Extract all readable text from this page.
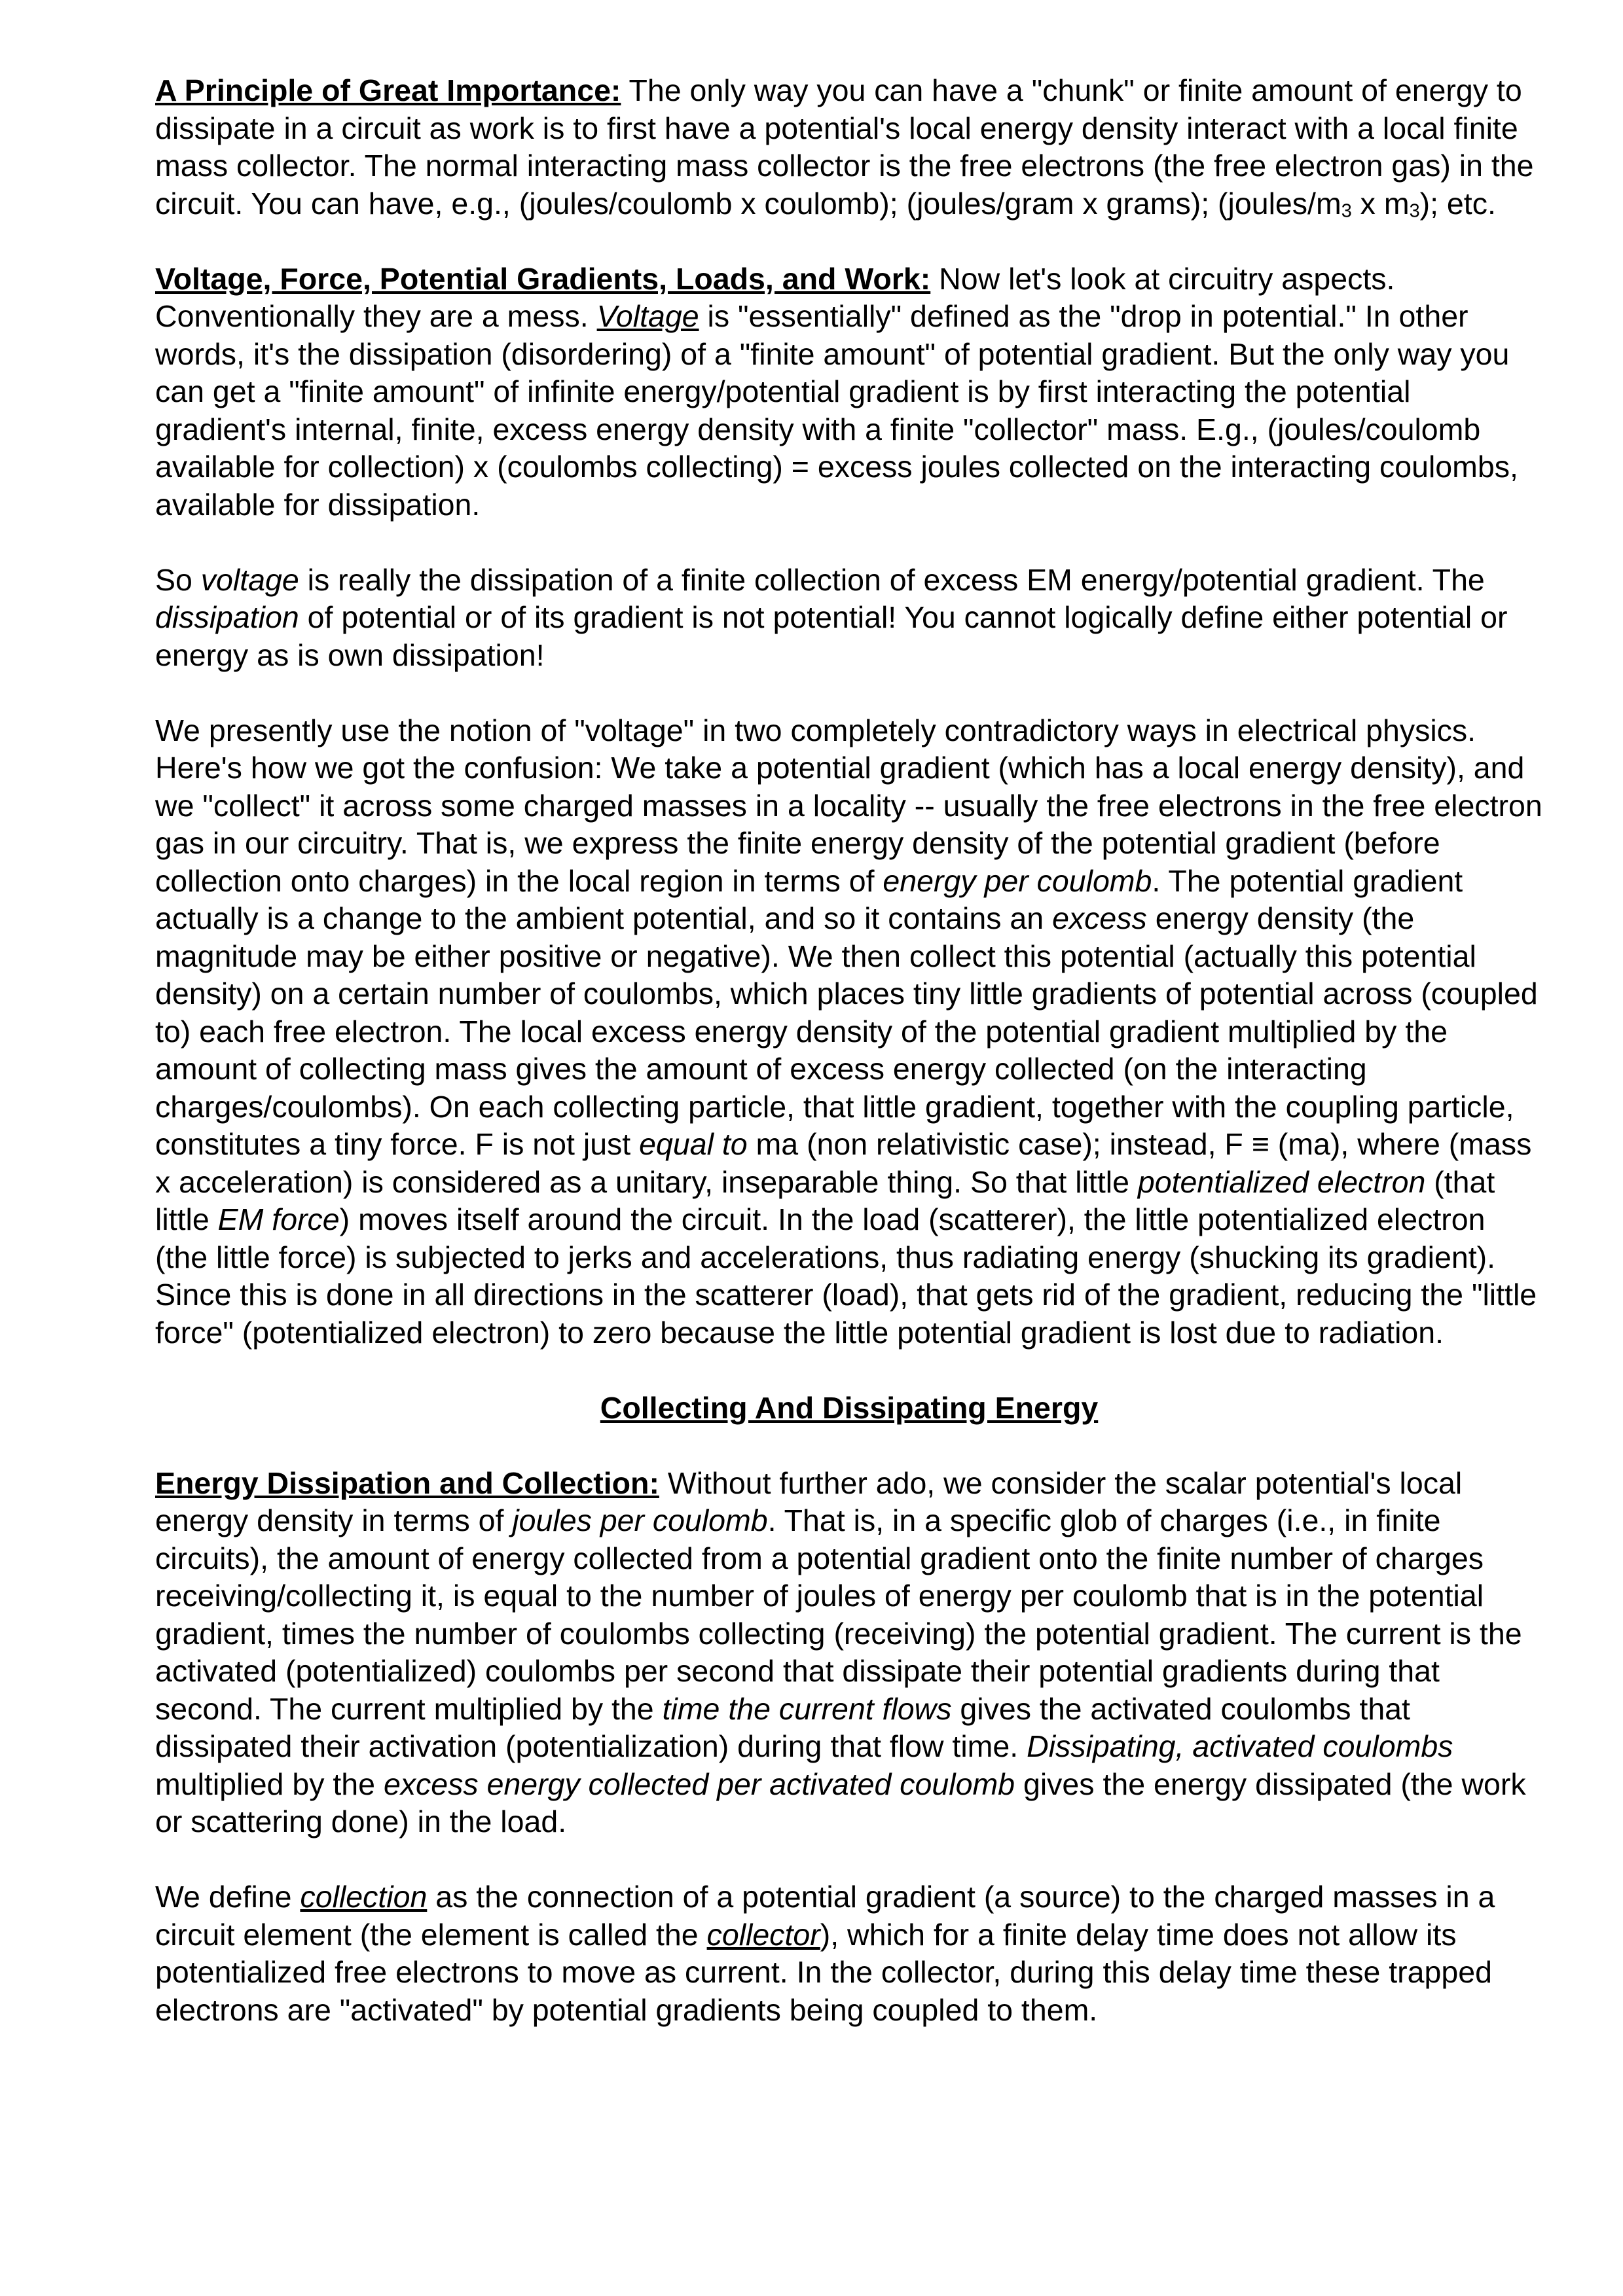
A Principle of Great Importance: The only way you can have a "chunk" or finite amount of energy to dissipate in a circuit as work is to first have a potential's local energy density interact with a local finite mass collector. The normal interacting mass collector is the free electrons (the free electron gas) in the circuit. You can have, e.g., (joules/coulomb x coulomb); (joules/gram x grams); ($joules/m_3$ x $m_3$); etc.

Voltage, Force, Potential Gradients, Loads, and Work: Now let's look at circuitry aspects. Conventionally they are a mess. Voltage is "essentially" defined as the "drop in potential." In other words, it's the dissipation (disordering) of a "finite amount" of potential gradient. But the only way you can get a "finite amount" of infinite energy/potential gradient is by first interacting the potential gradient's internal, finite, excess energy density with a finite "collector" mass. E.g., (joules/coulomb available for collection) x (coulombs collecting) = excess joules collected on the interacting coulombs, available for dissipation.

So voltage is really the dissipation of a finite collection of excess EM energy/potential gradient. The dissipation of potential or of its gradient is not potential! You cannot logically define either potential or energy as is own dissipation!

We presently use the notion of "voltage" in two completely contradictory ways in electrical physics. Here's how we got the confusion: We take a potential gradient (which has a local energy density), and we "collect" it across some charged masses in a locality -- usually the free electrons in the free electron gas in our circuitry. That is, we express the finite energy density of the potential gradient (before collection onto charges) in the local region in terms of energy per coulomb. The potential gradient actually is a change to the ambient potential, and so it contains an excess energy density (the magnitude may be either positive or negative). We then collect this potential (actually this potential density) on a certain number of coulombs, which places tiny little gradients of potential across (coupled to) each free electron. The local excess energy density of the potential gradient multiplied by the amount of collecting mass gives the amount of excess energy collected (on the interacting charges/coulombs). On each collecting particle, that little gradient, together with the coupling particle, constitutes a tiny force. F is not just equal to ma (non relativistic case); instead, F ≡ (ma), where (mass x acceleration) is considered as a unitary, inseparable thing. So that little potentialized electron (that little EM force) moves itself around the circuit. In the load (scatterer), the little potentialized electron (the little force) is subjected to jerks and accelerations, thus radiating energy (shucking its gradient). Since this is done in all directions in the scatterer (load), that gets rid of the gradient, reducing the "little force" (potentialized electron) to zero because the little potential gradient is lost due to radiation.

Collecting And Dissipating Energy

Energy Dissipation and Collection: Without further ado, we consider the scalar potential's local energy density in terms of joules per coulomb. That is, in a specific glob of charges (i.e., in finite circuits), the amount of energy collected from a potential gradient onto the finite number of charges receiving/collecting it, is equal to the number of joules of energy per coulomb that is in the potential gradient, times the number of coulombs collecting (receiving) the potential gradient. The current is the activated (potentialized) coulombs per second that dissipate their potential gradients during that second. The current multiplied by the time the current flows gives the activated coulombs that dissipated their activation (potentialization) during that flow time. Dissipating, activated coulombs multiplied by the excess energy collected per activated coulomb gives the energy dissipated (the work or scattering done) in the load.

We define collection as the connection of a potential gradient (a source) to the charged masses in a circuit element (the element is called the collector), which for a finite delay time does not allow its potentialized free electrons to move as current. In the collector, during this delay time these trapped electrons are "activated" by potential gradients being coupled to them.
